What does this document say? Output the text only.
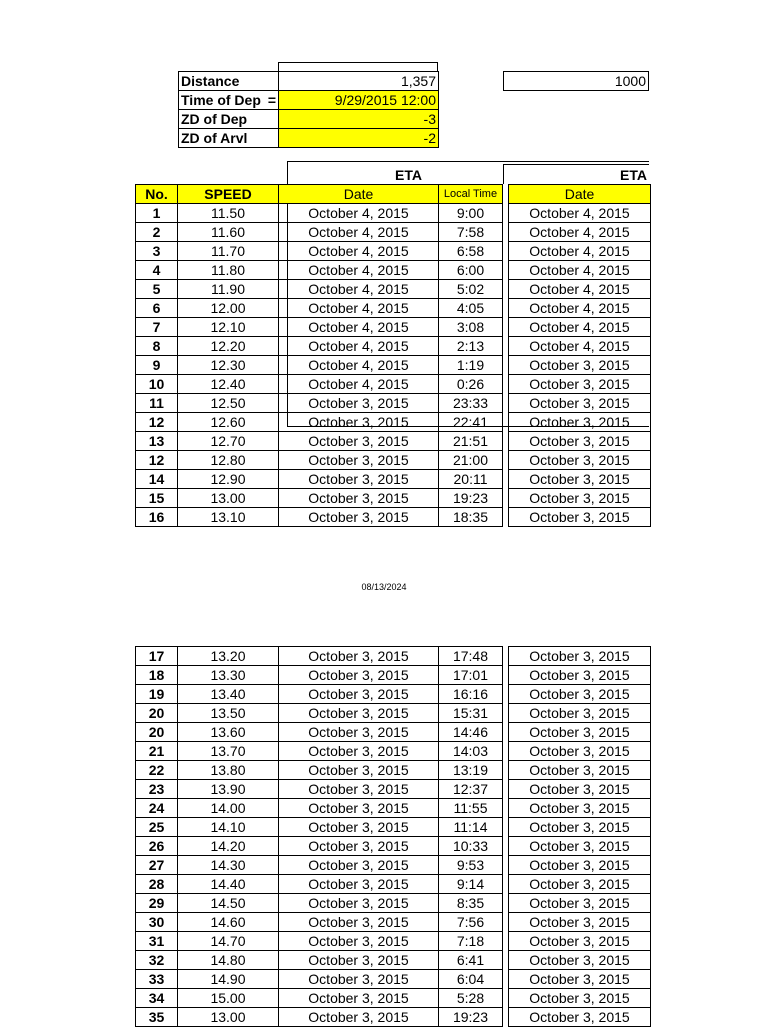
Distance	1,357
Time of Dep =	9/29/2015 12:00
ZD of Dep	-3
ZD of Arvl	-2
1000
ETA	ETA
No.	SPEED	Date	Local Time		Date
1	11.50	October 4, 2015	9:00		October 4, 2015
2	11.60	October 4, 2015	7:58		October 4, 2015
3	11.70	October 4, 2015	6:58		October 4, 2015
4	11.80	October 4, 2015	6:00		October 4, 2015
5	11.90	October 4, 2015	5:02		October 4, 2015
6	12.00	October 4, 2015	4:05		October 4, 2015
7	12.10	October 4, 2015	3:08		October 4, 2015
8	12.20	October 4, 2015	2:13		October 4, 2015
9	12.30	October 4, 2015	1:19		October 3, 2015
10	12.40	October 4, 2015	0:26		October 3, 2015
11	12.50	October 3, 2015	23:33		October 3, 2015
12	12.60	October 3, 2015	22:41		October 3, 2015
13	12.70	October 3, 2015	21:51		October 3, 2015
12	12.80	October 3, 2015	21:00		October 3, 2015
14	12.90	October 3, 2015	20:11		October 3, 2015
15	13.00	October 3, 2015	19:23		October 3, 2015
16	13.10	October 3, 2015	18:35		October 3, 2015
08/13/2024
17	13.20	October 3, 2015	17:48		October 3, 2015
18	13.30	October 3, 2015	17:01		October 3, 2015
19	13.40	October 3, 2015	16:16		October 3, 2015
20	13.50	October 3, 2015	15:31		October 3, 2015
20	13.60	October 3, 2015	14:46		October 3, 2015
21	13.70	October 3, 2015	14:03		October 3, 2015
22	13.80	October 3, 2015	13:19		October 3, 2015
23	13.90	October 3, 2015	12:37		October 3, 2015
24	14.00	October 3, 2015	11:55		October 3, 2015
25	14.10	October 3, 2015	11:14		October 3, 2015
26	14.20	October 3, 2015	10:33		October 3, 2015
27	14.30	October 3, 2015	9:53		October 3, 2015
28	14.40	October 3, 2015	9:14		October 3, 2015
29	14.50	October 3, 2015	8:35		October 3, 2015
30	14.60	October 3, 2015	7:56		October 3, 2015
31	14.70	October 3, 2015	7:18		October 3, 2015
32	14.80	October 3, 2015	6:41		October 3, 2015
33	14.90	October 3, 2015	6:04		October 3, 2015
34	15.00	October 3, 2015	5:28		October 3, 2015
35	13.00	October 3, 2015	19:23		October 3, 2015
